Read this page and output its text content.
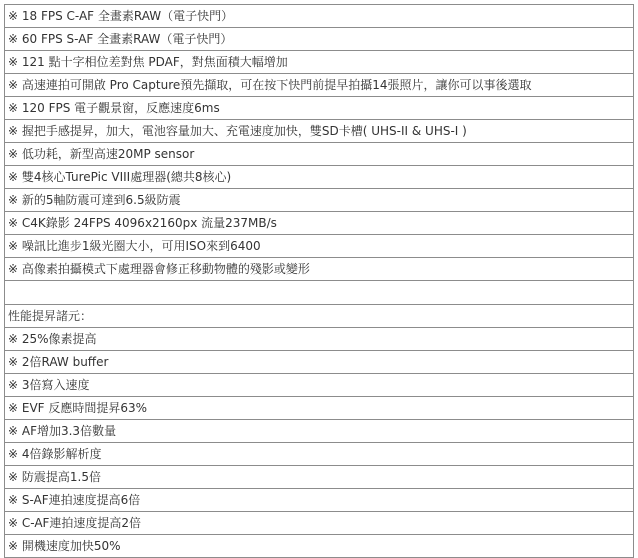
※ 18 FPS C-AF 全畫素RAW（電子快門）
※ 60 FPS S-AF 全畫素RAW（電子快門）
※ 121 點十字相位差對焦 PDAF，對焦面積大幅增加
※ 高速連拍可開啟 Pro Capture預先擷取，可在按下快門前提早拍攝14張照片，讓你可以事後選取
※ 120 FPS 電子觀景窗，反應速度6ms
※ 握把手感提昇，加大，電池容量加大、充電速度加快，雙SD卡槽( UHS-II & UHS-I )
※ 低功耗，新型高速20MP sensor
※ 雙4核心TurePic VIII處理器(總共8核心)
※ 新的5軸防震可達到6.5級防震
※ C4K錄影 24FPS 4096x2160px 流量237MB/s
※ 噪訊比進步1級光圈大小，可用ISO來到6400
※ 高像素拍攝模式下處理器會修正移動物體的殘影或變形

性能提昇諸元：
※ 25%像素提高
※ 2倍RAW buffer
※ 3倍寫入速度
※ EVF 反應時間提昇63%
※ AF增加3.3倍數量
※ 4倍錄影解析度
※ 防震提高1.5倍
※ S-AF連拍速度提高6倍
※ C-AF連拍速度提高2倍
※ 開機速度加快50%
